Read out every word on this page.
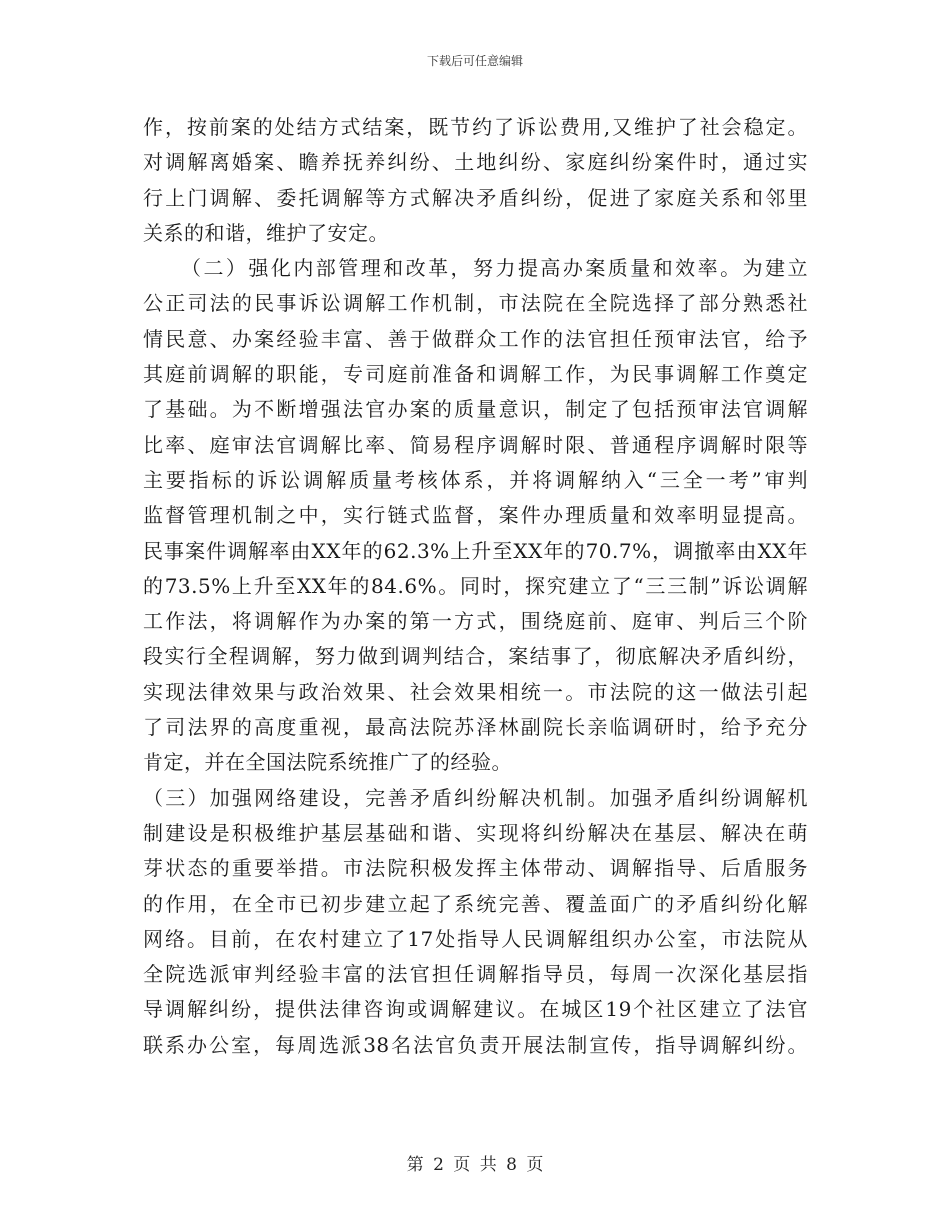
下载后可任意编辑
作，按前案的处结方式结案，既节约了诉讼费用,又维护了社会稳定。
对调解离婚案、瞻养抚养纠纷、土地纠纷、家庭纠纷案件时，通过实
行上门调解、委托调解等方式解决矛盾纠纷，促进了家庭关系和邻里
关系的和谐，维护了安定。
（二）强化内部管理和改革，努力提高办案质量和效率。为建立
公正司法的民事诉讼调解工作机制，市法院在全院选择了部分熟悉社
情民意、办案经验丰富、善于做群众工作的法官担任预审法官，给予
其庭前调解的职能，专司庭前准备和调解工作，为民事调解工作奠定
了基础。为不断增强法官办案的质量意识，制定了包括预审法官调解
比率、庭审法官调解比率、简易程序调解时限、普通程序调解时限等
主要指标的诉讼调解质量考核体系，并将调解纳入“三全一考”审判
监督管理机制之中，实行链式监督，案件办理质量和效率明显提高。
民事案件调解率由XX年的62.3%上升至XX年的70.7%，调撤率由XX年
的73.5%上升至XX年的84.6%。同时，探究建立了“三三制”诉讼调解
工作法，将调解作为办案的第一方式，围绕庭前、庭审、判后三个阶
段实行全程调解，努力做到调判结合，案结事了，彻底解决矛盾纠纷，
实现法律效果与政治效果、社会效果相统一。市法院的这一做法引起
了司法界的高度重视，最高法院苏泽林副院长亲临调研时，给予充分
肯定，并在全国法院系统推广了的经验。
（三）加强网络建设，完善矛盾纠纷解决机制。加强矛盾纠纷调解机
制建设是积极维护基层基础和谐、实现将纠纷解决在基层、解决在萌
芽状态的重要举措。市法院积极发挥主体带动、调解指导、后盾服务
的作用，在全市已初步建立起了系统完善、覆盖面广的矛盾纠纷化解
网络。目前，在农村建立了17处指导人民调解组织办公室，市法院从
全院选派审判经验丰富的法官担任调解指导员，每周一次深化基层指
导调解纠纷，提供法律咨询或调解建议。在城区19个社区建立了法官
联系办公室，每周选派38名法官负责开展法制宣传，指导调解纠纷。
第 2 页 共 8 页
